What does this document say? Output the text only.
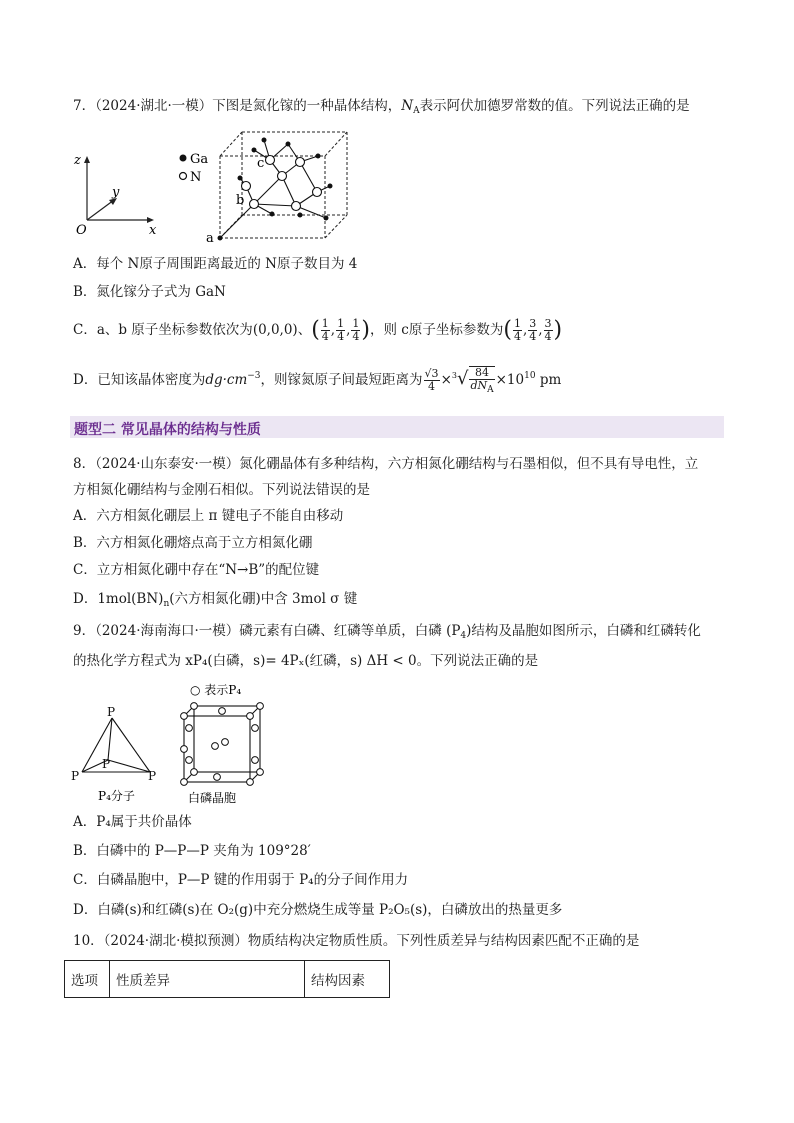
7．（2024·湖北·一模）下图是氮化镓的一种晶体结构，$N_A$表示阿伏加德罗常数的值。下列说法正确的是
z
y
x
O
Ga
N
a
b
c
A．每个 N原子周围距离最近的 N原子数目为 4
B．氮化镓分子式为 GaN
C．a、b 原子坐标参数依次为(0,0,0)、( $\frac{1}{4}$ , $\frac{1}{4}$ , $\frac{1}{4}$ )，则 c原子坐标参数为( $\frac{1}{4}$ , $\frac{3}{4}$ , $\frac{3}{4}$ )
D．已知该晶体密度为$dg\cdot cm^{-3}$，则镓氮原子间最短距离为 $\frac{√3}{4} \times^3√ \frac{84}{dN_A} \times 10^{10}$ pm
题型二 常见晶体的结构与性质
8．（2024·山东泰安·一模）氮化硼晶体有多种结构，六方相氮化硼结构与石墨相似，但不具有导电性，立
方相氮化硼结构与金刚石相似。下列说法错误的是
A．六方相氮化硼层上 π 键电子不能自由移动
B．六方相氮化硼熔点高于立方相氮化硼
C．立方相氮化硼中存在“N→B”的配位键
D．$1mol(BN)_n$(六方相氮化硼)中含 3mol σ 键
9．（2024·海南海口·一模）磷元素有白磷、红磷等单质，白磷 $(P_4)$结构及晶胞如图所示，白磷和红磷转化
的热化学方程式为 xP₄(白磷，s)= 4Pₓ(红磷，s) ΔH < 0。下列说法正确的是
P
P
P
P
P₄分子
○ 表示P₄
白磷晶胞
A．P₄属于共价晶体
B．白磷中的 P—P—P 夹角为 109°28′
C．白磷晶胞中，P—P 键的作用弱于 P₄的分子间作用力
D．白磷(s)和红磷(s)在 O₂(g)中充分燃烧生成等量 P₂O₅(s)，白磷放出的热量更多
10．（2024·湖北·模拟预测）物质结构决定物质性质。下列性质差异与结构因素匹配不正确的是
选项	性质差异	结构因素
